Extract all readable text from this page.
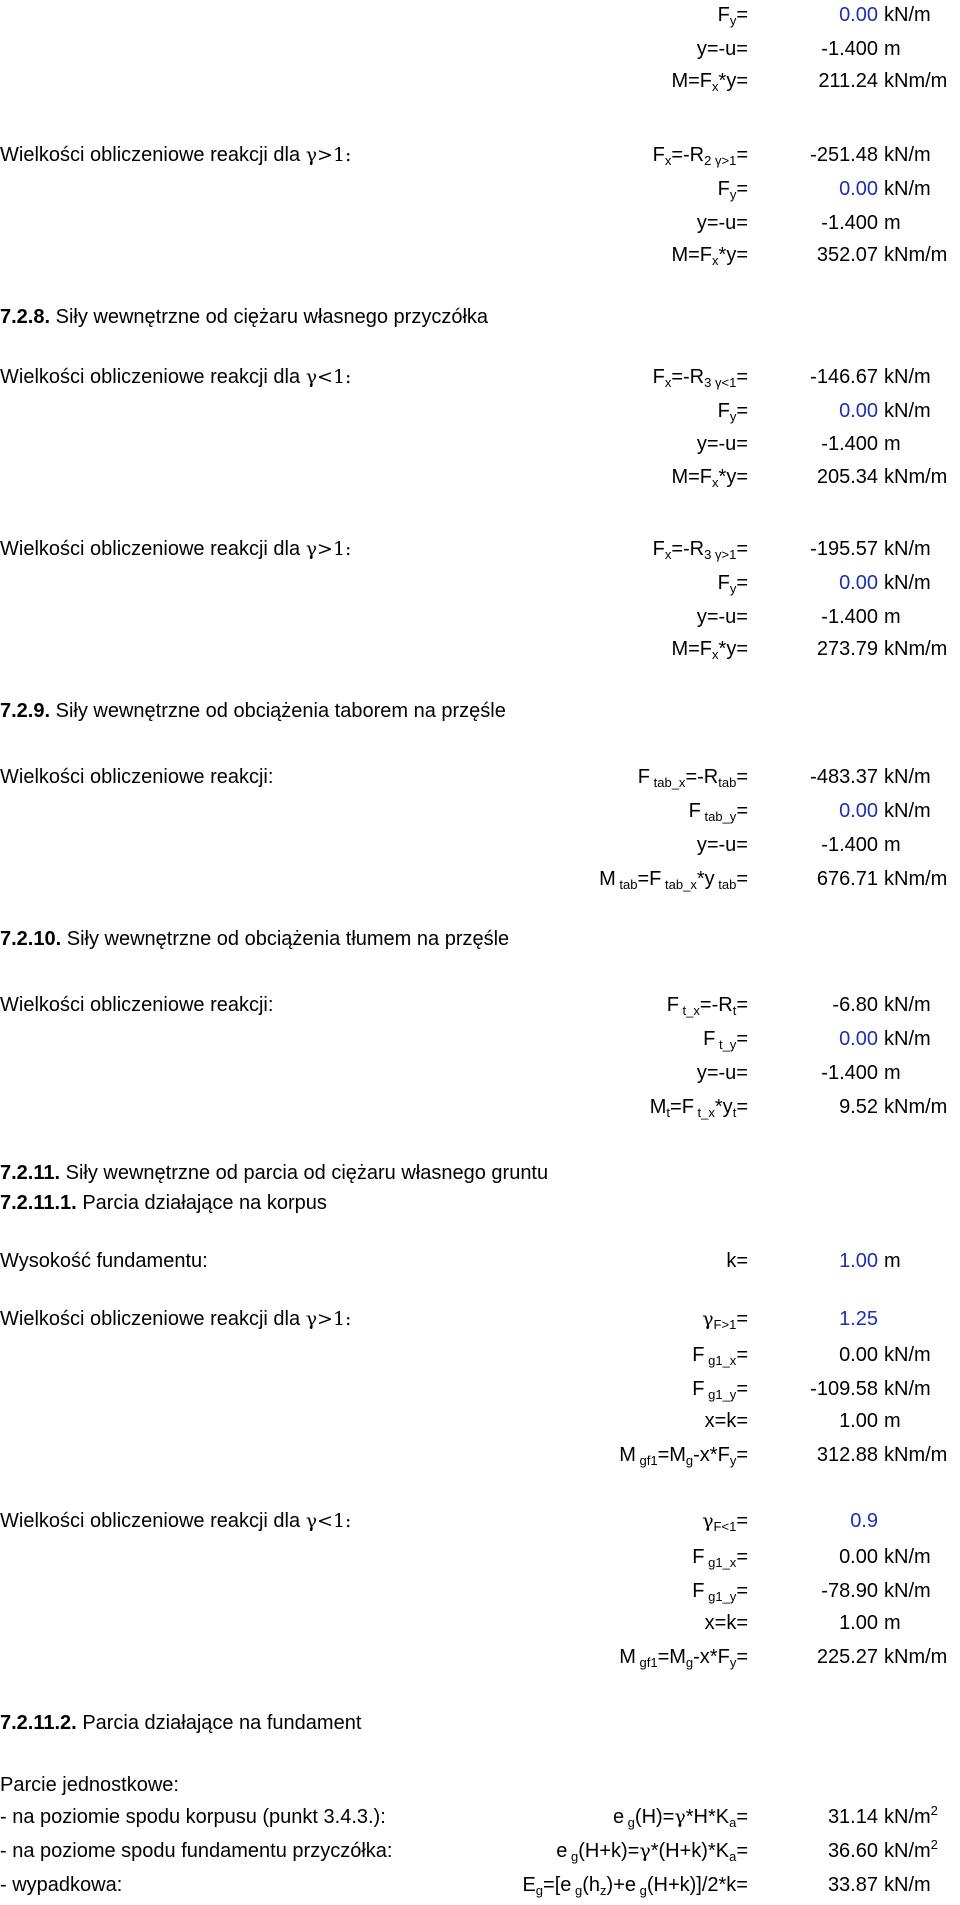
$F_y=$	0.00 kN/m
y=-u=	-1.400 m
$M=F_x*y=$	211.24 kNm/m
Wielkości obliczeniowe reakcji dla γ>1:	$F_x=-R_{2 \gamma>1}=$	-251.48 kN/m
$F_y=$	0.00 kN/m
y=-u=	-1.400 m
$M=F_x*y=$	352.07 kNm/m
7.2.8. Siły wewnętrzne od ciężaru własnego przyczółka
Wielkości obliczeniowe reakcji dla γ<1:	$F_x=-R_{3 \gamma<1}=$	-146.67 kN/m
$F_y=$	0.00 kN/m
y=-u=	-1.400 m
$M=F_x*y=$	205.34 kNm/m
Wielkości obliczeniowe reakcji dla γ>1:	$F_x=-R_{3 \gamma>1}=$	-195.57 kN/m
$F_y=$	0.00 kN/m
y=-u=	-1.400 m
$M=F_x*y=$	273.79 kNm/m
7.2.9. Siły wewnętrzne od obciążenia taborem na przęśle
Wielkości obliczeniowe reakcji:	F $_{tab\_x}=-R_{tab}=$	-483.37 kN/m
F $_{tab\_y}$=	0.00 kN/m
y=-u=	-1.400 m
M $_{tab}$=F $_{tab\_x}$*y $_{tab}$=	676.71 kNm/m
7.2.10. Siły wewnętrzne od obciążenia tłumem na przęśle
Wielkości obliczeniowe reakcji:	F $_{t\_x}=-R_t=$	-6.80 kN/m
F $_{t\_y}$=	0.00 kN/m
y=-u=	-1.400 m
$M_t=F$ $_{t\_x}*y_t=$	9.52 kNm/m
7.2.11. Siły wewnętrzne od parcia od ciężaru własnego gruntu
7.2.11.1. Parcia działające na korpus
Wysokość fundamentu:	k=	1.00 m
Wielkości obliczeniowe reakcji dla γ>1:	$\gamma_{F>1}=$	1.25
F $_{g1\_x}$=	0.00 kN/m
F $_{g1\_y}$=	-109.58 kN/m
x=k=	1.00 m
M $_{gf1}=M_g-x*F_y=$	312.88 kNm/m
Wielkości obliczeniowe reakcji dla γ<1:	$\gamma_{F<1}=$	0.9
F $_{g1\_x}$=	0.00 kN/m
F $_{g1\_y}$=	-78.90 kN/m
x=k=	1.00 m
M $_{gf1}=M_g-x*F_y=$	225.27 kNm/m
7.2.11.2. Parcia działające na fundament
Parcie jednostkowe:
- na poziomie spodu korpusu (punkt 3.4.3.):	e $_g(H)=\gamma*H*K_a=$	31.14 $kN/m^2$
- na poziome spodu fundamentu przyczółka:	e $_g(H+k)=\gamma*(H+k)*K_a=$	36.60 $kN/m^2$
- wypadkowa:	$E_g=[e$ $_g(h_z)+e$ $_g$(H+k)]/2*k=	33.87 kN/m
